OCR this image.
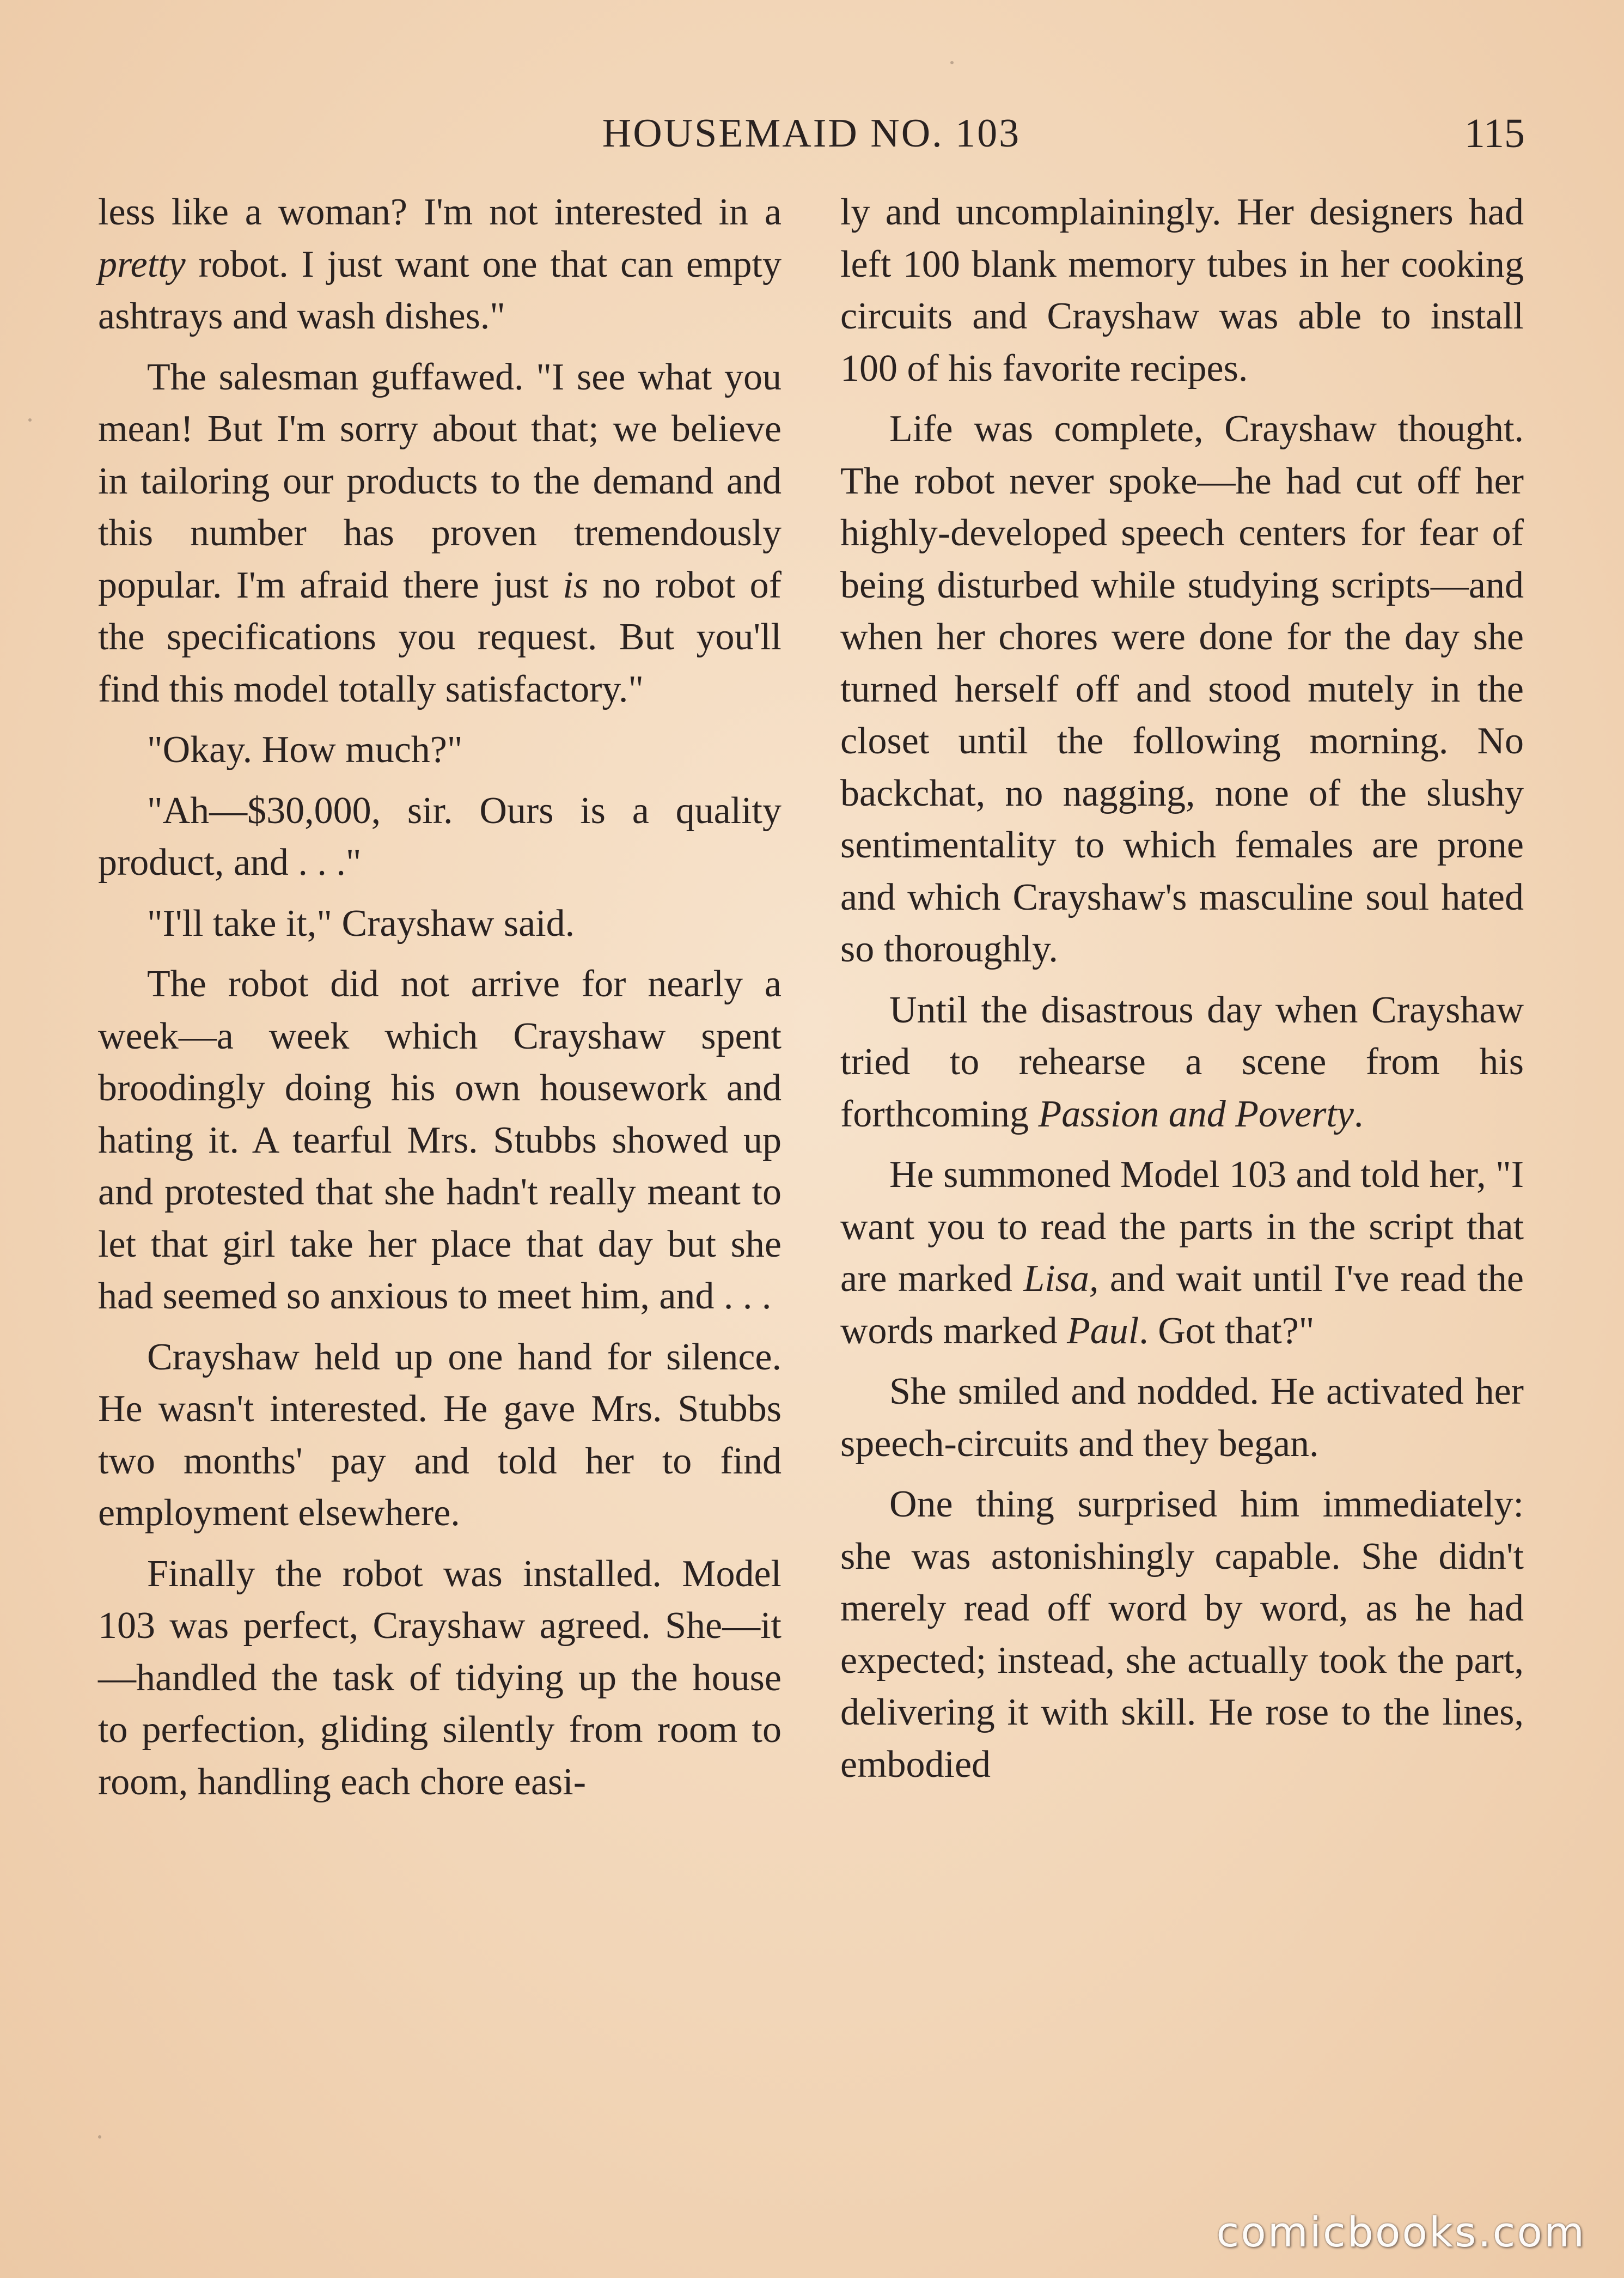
HOUSEMAID NO. 103	115

less like a woman? I'm not interested in a pretty robot. I just want one that can empty ashtrays and wash dishes."

The salesman guffawed. "I see what you mean! But I'm sorry about that; we believe in tailoring our products to the demand and this number has proven tremendously popular. I'm afraid there just is no robot of the specifications you request. But you'll find this model totally satisfactory."

"Okay. How much?"

"Ah—$30,000, sir. Ours is a quality product, and . . ."

"I'll take it," Crayshaw said.

The robot did not arrive for nearly a week—a week which Crayshaw spent broodingly doing his own housework and hating it. A tearful Mrs. Stubbs showed up and protested that she hadn't really meant to let that girl take her place that day but she had seemed so anxious to meet him, and . . .

Crayshaw held up one hand for silence. He wasn't interested. He gave Mrs. Stubbs two months' pay and told her to find employment elsewhere.

Finally the robot was installed. Model 103 was perfect, Crayshaw agreed. She—it—handled the task of tidying up the house to perfection, gliding silently from room to room, handling each chore easi-

ly and uncomplainingly. Her designers had left 100 blank memory tubes in her cooking circuits and Crayshaw was able to install 100 of his favorite recipes.

Life was complete, Crayshaw thought. The robot never spoke—he had cut off her highly-developed speech centers for fear of being disturbed while studying scripts—and when her chores were done for the day she turned herself off and stood mutely in the closet until the following morning. No backchat, no nagging, none of the slushy sentimentality to which females are prone and which Crayshaw's masculine soul hated so thoroughly.

Until the disastrous day when Crayshaw tried to rehearse a scene from his forthcoming Passion and Poverty.

He summoned Model 103 and told her, "I want you to read the parts in the script that are marked Lisa, and wait until I've read the words marked Paul. Got that?"

She smiled and nodded. He activated her speech-circuits and they began.

One thing surprised him immediately: she was astonishingly capable. She didn't merely read off word by word, as he had expected; instead, she actually took the part, delivering it with skill. He rose to the lines, embodied

comicbooks.com
